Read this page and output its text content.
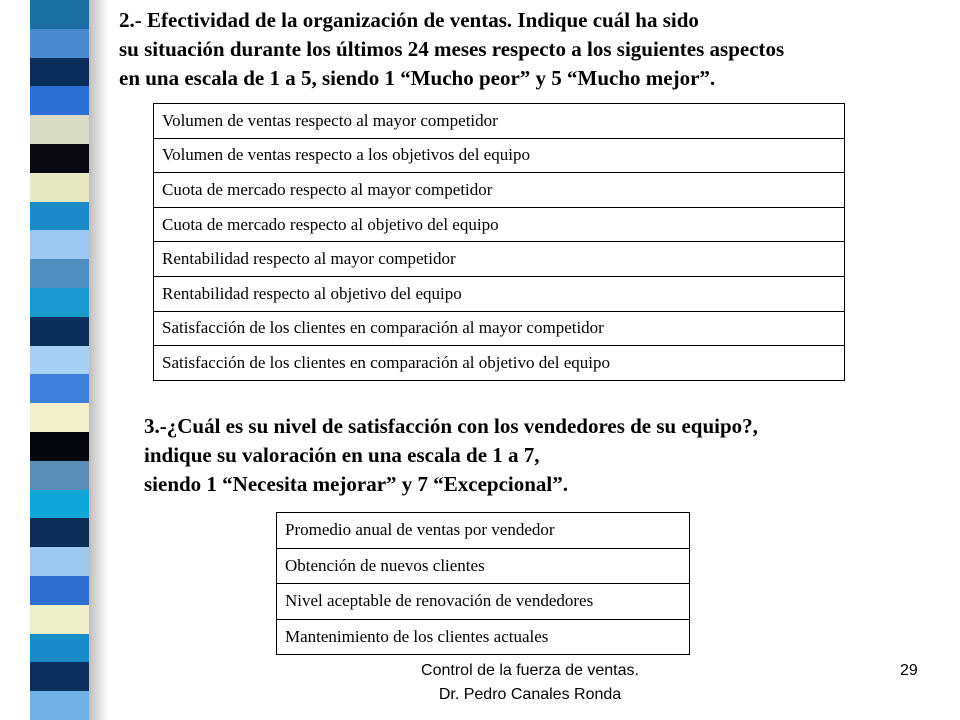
2.- Efectividad de la organización de ventas. Indique cuál ha sido
su situación durante los últimos 24 meses respecto a los siguientes aspectos
en una escala de 1 a 5, siendo 1 “Mucho peor” y 5 “Mucho mejor”.
Volumen de ventas respecto al mayor competidor
Volumen de ventas respecto a los objetivos del equipo
Cuota de mercado respecto al mayor competidor
Cuota de mercado respecto al objetivo del equipo
Rentabilidad respecto al mayor competidor
Rentabilidad respecto al objetivo del equipo
Satisfacción de los clientes en comparación al mayor competidor
Satisfacción de los clientes en comparación al objetivo del equipo
3.-¿Cuál es su nivel de satisfacción con los vendedores de su equipo?,
indique su valoración en una escala de 1 a 7,
siendo 1 “Necesita mejorar” y 7 “Excepcional”.
Promedio anual de ventas por vendedor
Obtención de nuevos clientes
Nivel aceptable de renovación de vendedores
Mantenimiento de los clientes actuales
Control de la fuerza de ventas.
Dr. Pedro Canales Ronda
29
